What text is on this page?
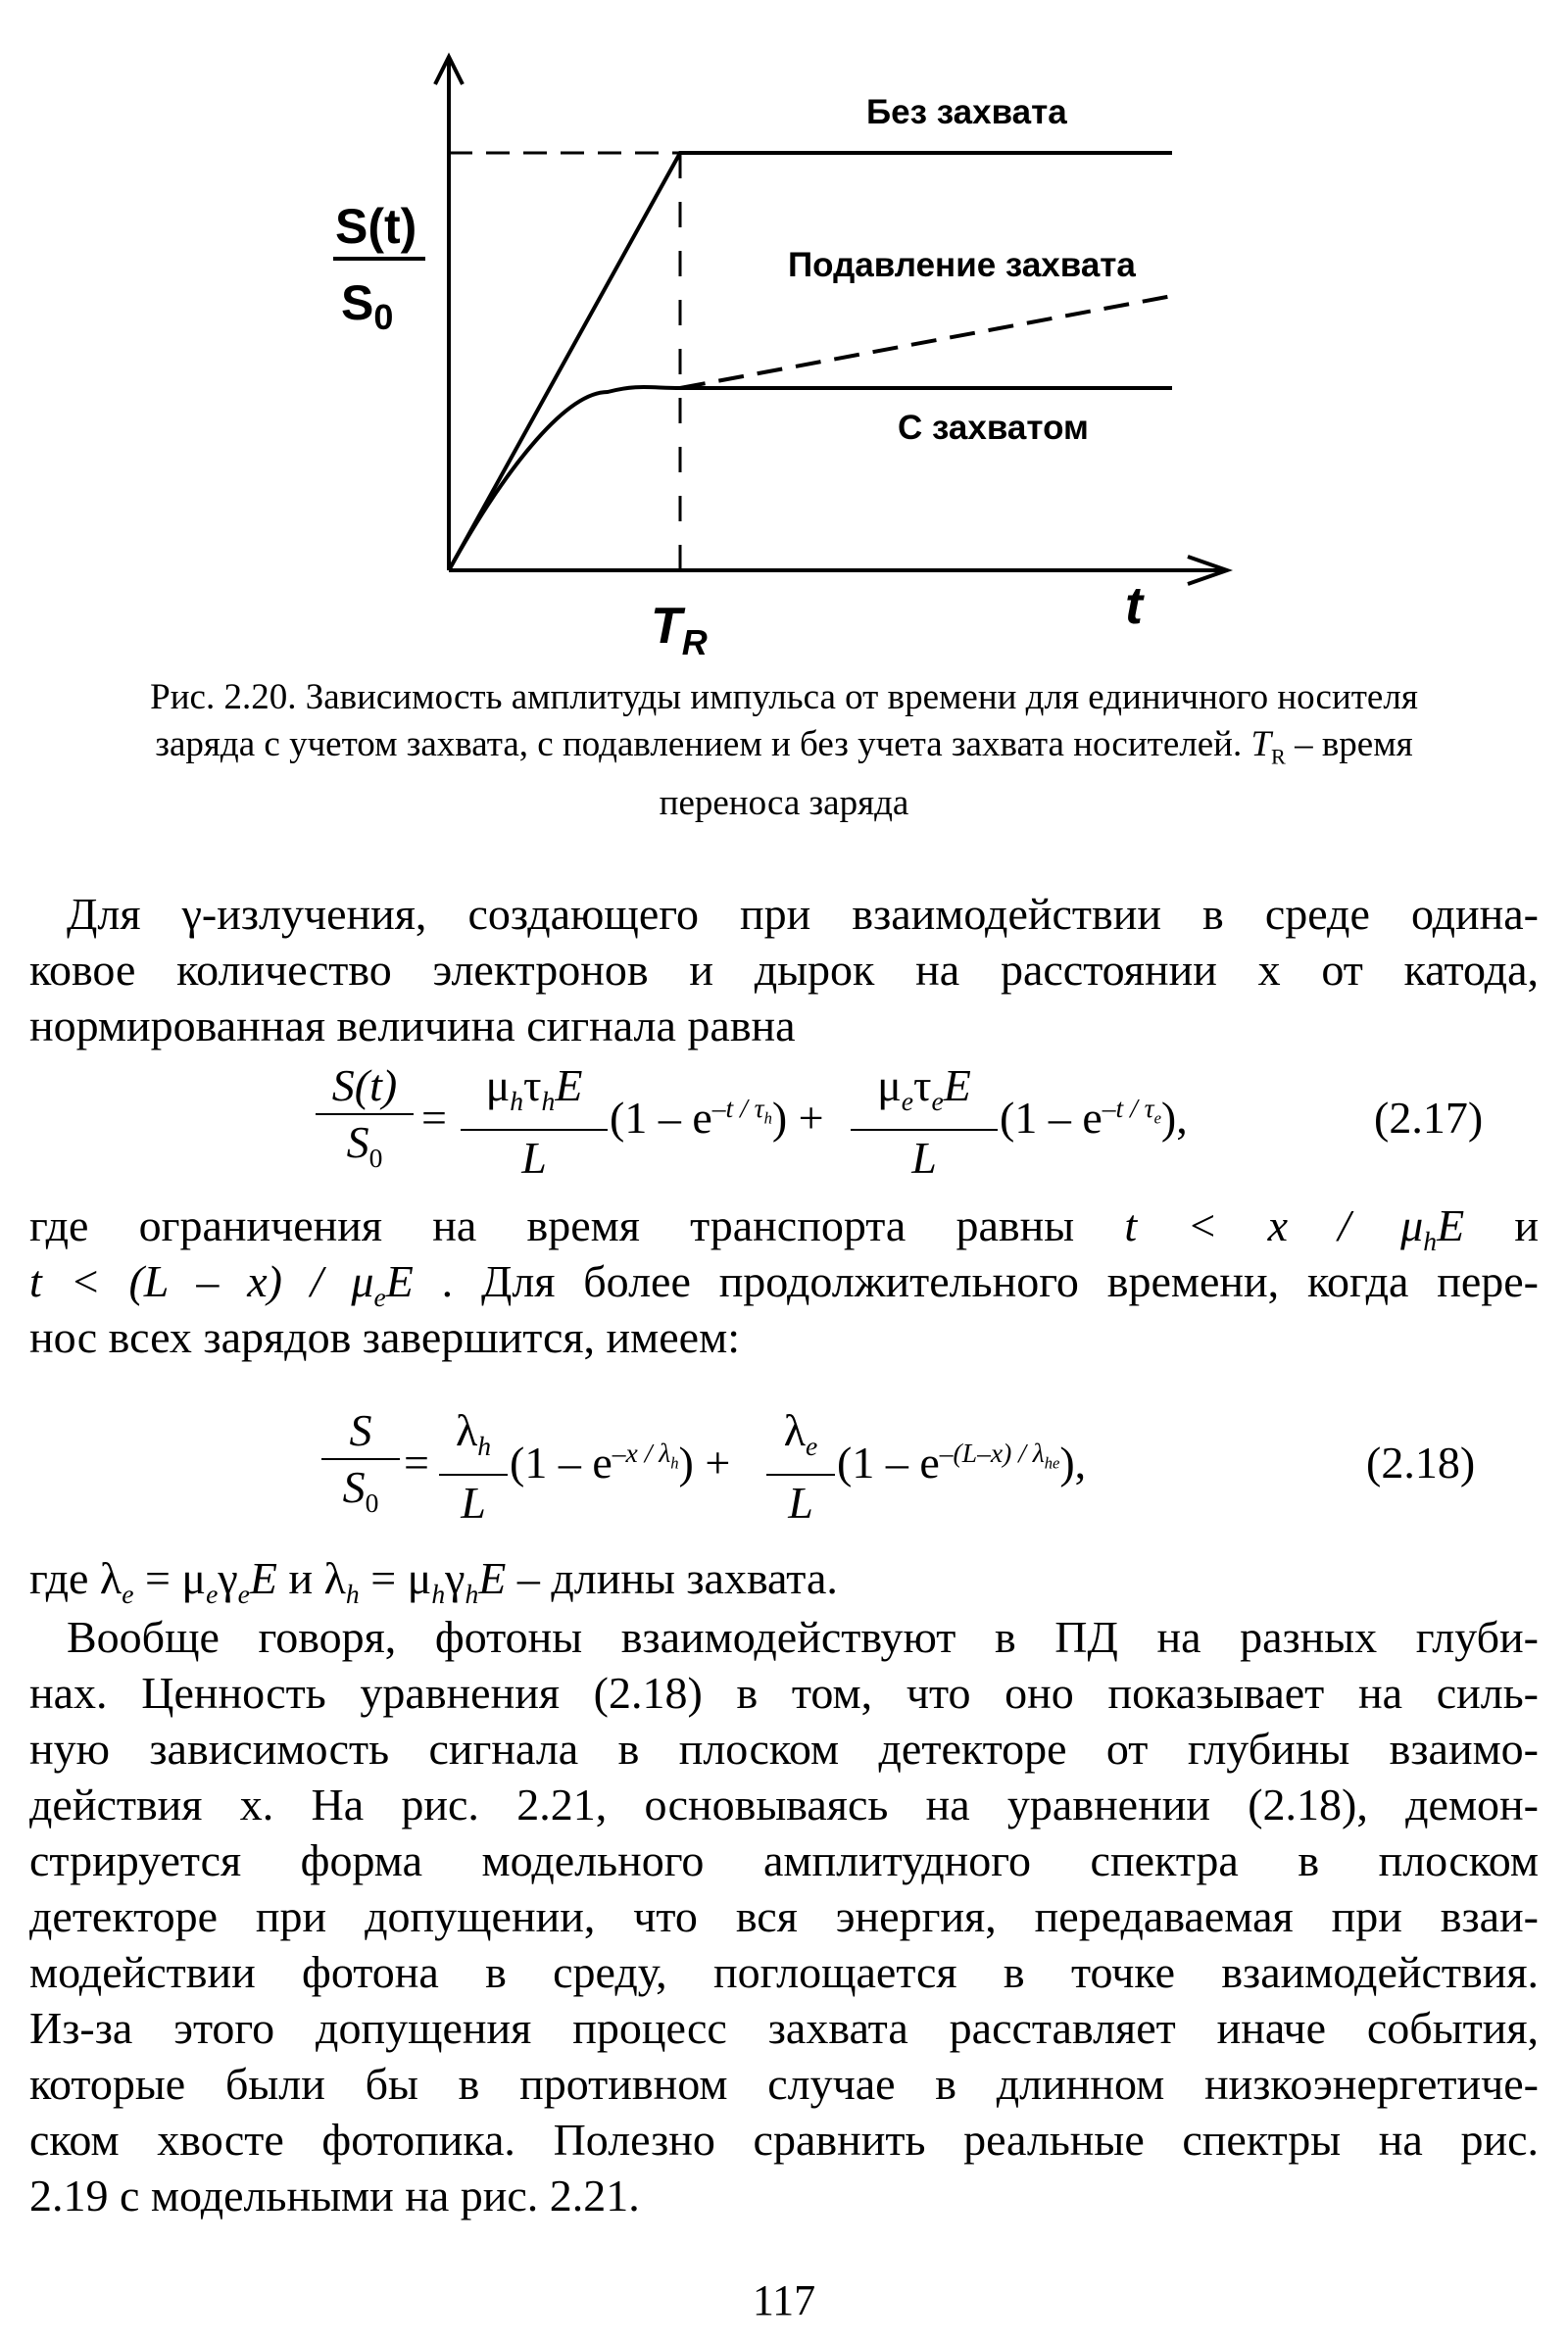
Без захвата
Подавление захвата
С захватом
S(t)
$S_0$
$T_R$
t
Рис. 2.20. Зависимость амплитуды импульса от времени для единичного носителя
заряда с учетом захвата, с подавлением и без учета захвата носителей. $T_R$ – время
переноса заряда
Для γ-излучения, создающего при взаимодействии в среде одина-
ковое количество электронов и дырок на расстоянии x от катода,
нормированная величина сигнала равна
S(t)
$S_0$
=
$\mu_h\tau_hE$
L
$(1 - e^{-t / \tau_h})$ +
$\mu_e\tau_eE$
L
$(1 - e^{-t / \tau_e})$,	(2.17)
где ограничения на время транспорта равны $t < x / \mu_hE$ и
$t < (L - x) / \mu_eE$ . Для более продолжительного времени, когда пере-
нос всех зарядов завершится, имеем:
S
$S_0$
=
$\lambda_h$
L
$(1 - e^{-x / \lambda_h})$ +
$\lambda_e$
L
$(1 - e^{-(L-x) / \lambda_{he}})$,	(2.18)
где $\lambda_e = \mu_e\gamma_eE$ и $\lambda_h = \mu_h\gamma_hE$ – длины захвата.
Вообще говоря, фотоны взаимодействуют в ПД на разных глуби-
нах. Ценность уравнения (2.18) в том, что оно показывает на силь-
ную зависимость сигнала в плоском детекторе от глубины взаимо-
действия x. На рис. 2.21, основываясь на уравнении (2.18), демон-
стрируется форма модельного амплитудного спектра в плоском
детекторе при допущении, что вся энергия, передаваемая при взаи-
модействии фотона в среду, поглощается в точке взаимодействия.
Из-за этого допущения процесс захвата расставляет иначе события,
которые были бы в противном случае в длинном низкоэнергетиче-
ском хвосте фотопика. Полезно сравнить реальные спектры на рис.
2.19 с модельными на рис. 2.21.
117
